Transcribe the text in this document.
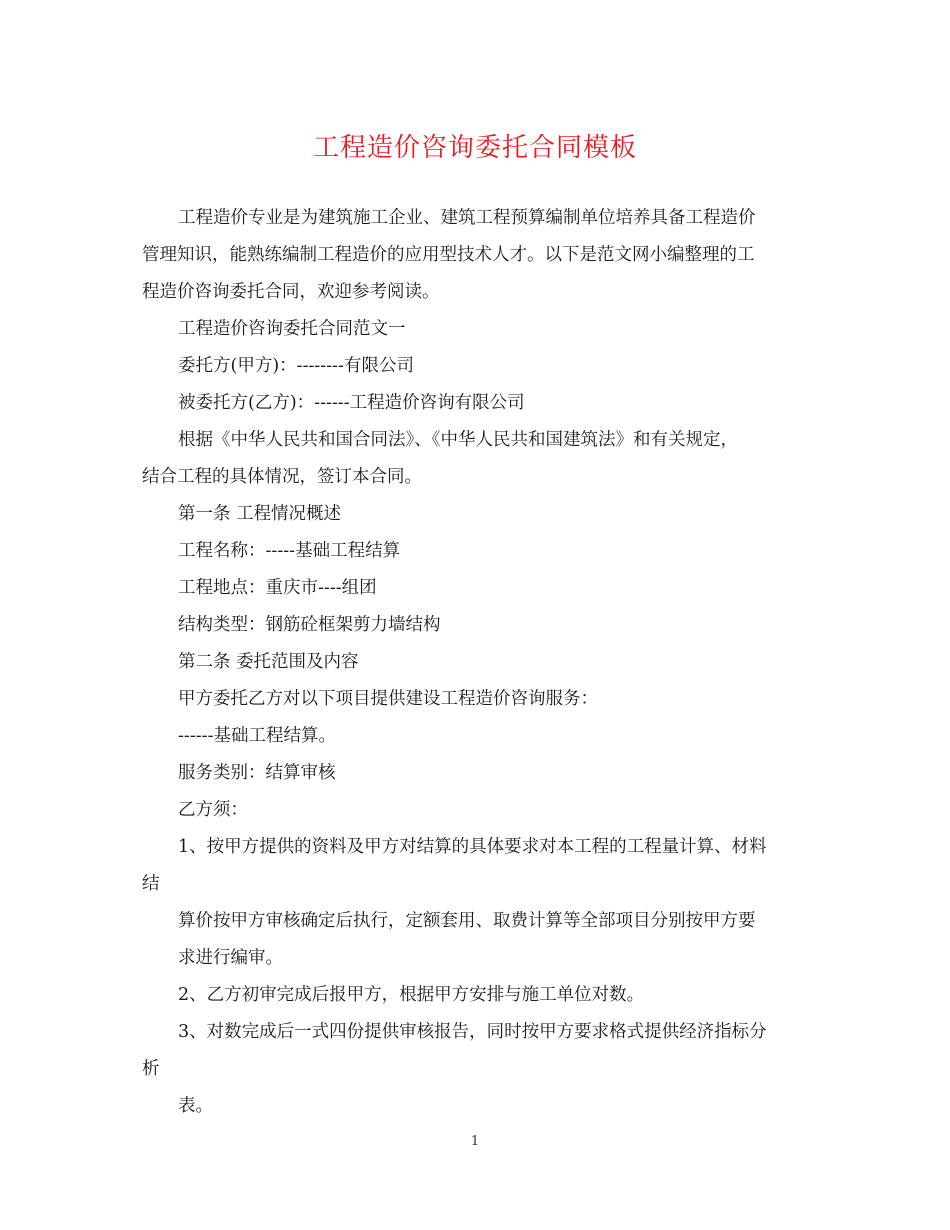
工程造价咨询委托合同模板

工程造价专业是为建筑施工企业、建筑工程预算编制单位培养具备工程造价

管理知识，能熟练编制工程造价的应用型技术人才。以下是范文网小编整理的工

程造价咨询委托合同，欢迎参考阅读。

工程造价咨询委托合同范文一

委托方(甲方)：--------有限公司

被委托方(乙方)：------工程造价咨询有限公司

根据《中华人民共和国合同法》、《中华人民共和国建筑法》和有关规定，

结合工程的具体情况，签订本合同。

第一条 工程情况概述

工程名称：-----基础工程结算

工程地点：重庆市----组团

结构类型：钢筋砼框架剪力墙结构

第二条 委托范围及内容

甲方委托乙方对以下项目提供建设工程造价咨询服务：

------基础工程结算。

服务类别：结算审核

乙方须：

1、按甲方提供的资料及甲方对结算的具体要求对本工程的工程量计算、材料

结

算价按甲方审核确定后执行，定额套用、取费计算等全部项目分别按甲方要

求进行编审。

2、乙方初审完成后报甲方，根据甲方安排与施工单位对数。

3、对数完成后一式四份提供审核报告，同时按甲方要求格式提供经济指标分

析

表。

1
